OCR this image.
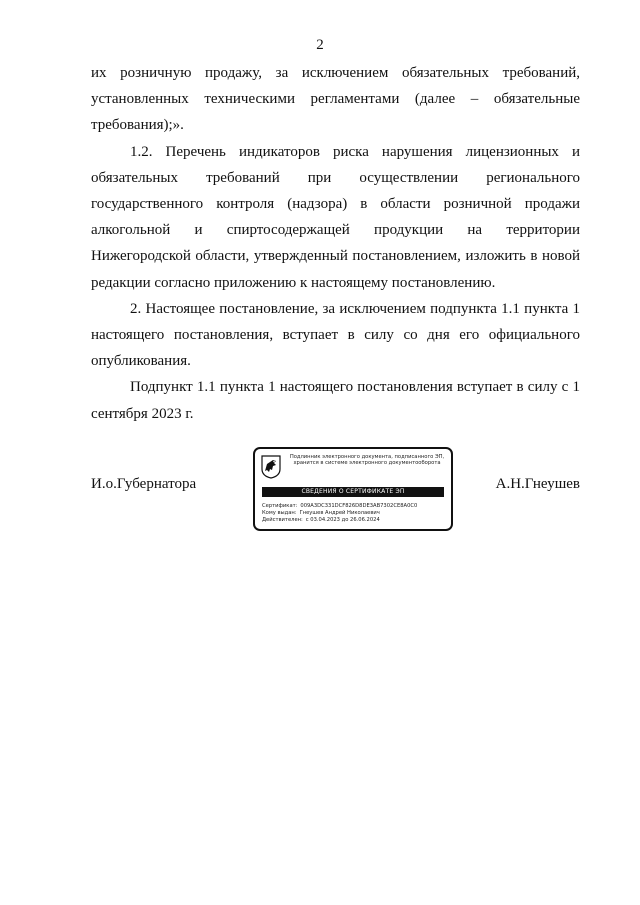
2

их розничную продажу, за исключением обязательных требований, установленных техническими регламентами (далее – обязательные требования);».

1.2. Перечень индикаторов риска нарушения лицензионных и обязательных требований при осуществлении регионального государственного контроля (надзора) в области розничной продажи алкогольной и спиртосодержащей продукции на территории Нижегородской области, утвержденный постановлением, изложить в новой редакции согласно приложению к настоящему постановлению.

2. Настоящее постановление, за исключением подпункта 1.1 пункта 1 настоящего постановления, вступает в силу со дня его официального опубликования.

Подпункт 1.1 пункта 1 настоящего постановления вступает в силу с 1 сентября 2023 г.

И.о.Губернатора	А.Н.Гнеушев
Подлинник электронного документа, подписанного ЭП, хранится в системе электронного документооборота
СВЕДЕНИЯ О СЕРТИФИКАТЕ ЭП
Сертификат: 009A3DC331DCF826D8DE3AB7302CE8A0C0
Кому выдан: Гнеушев Андрей Николаевич
Действителен: с 03.04.2023 до 26.06.2024
